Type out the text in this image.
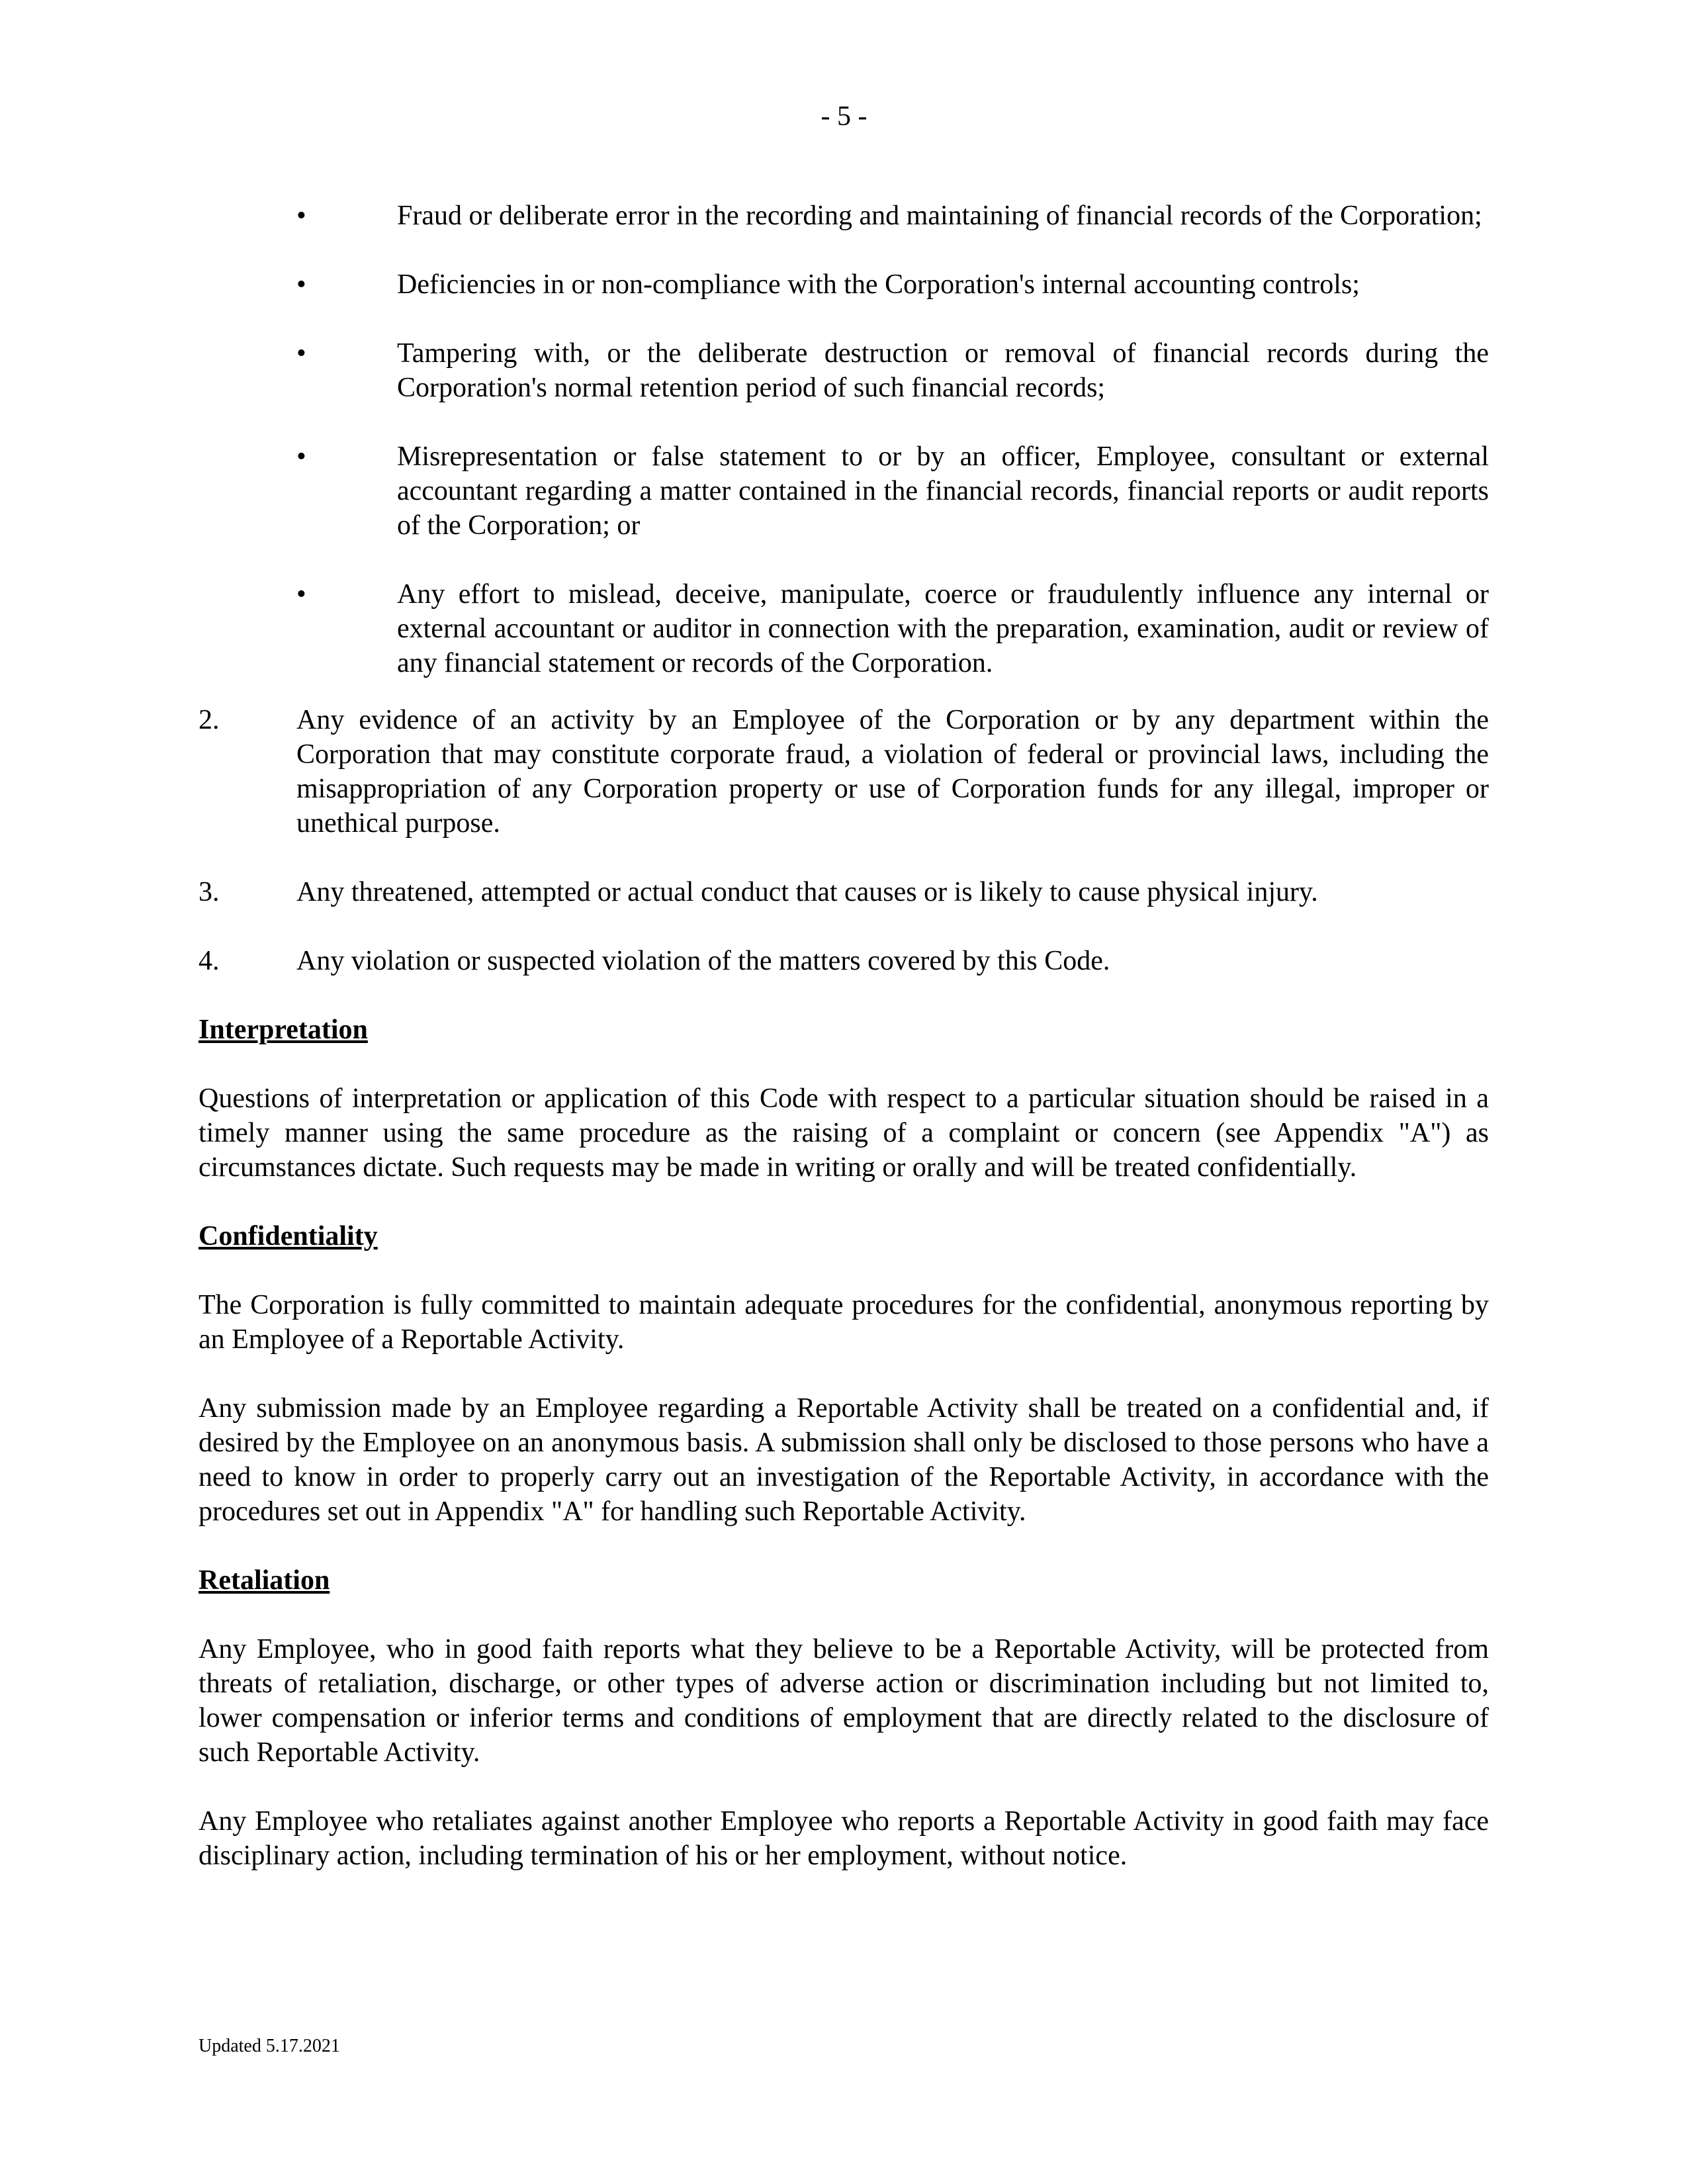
- 5 -
•	Fraud or deliberate error in the recording and maintaining of financial records of the Corporation;
•	Deficiencies in or non-compliance with the Corporation's internal accounting controls;
•	Tampering with, or the deliberate destruction or removal of financial records during the Corporation's normal retention period of such financial records;
•	Misrepresentation or false statement to or by an officer, Employee, consultant or external accountant regarding a matter contained in the financial records, financial reports or audit reports of the Corporation; or
•	Any effort to mislead, deceive, manipulate, coerce or fraudulently influence any internal or external accountant or auditor in connection with the preparation, examination, audit or review of any financial statement or records of the Corporation.
2.	Any evidence of an activity by an Employee of the Corporation or by any department within the Corporation that may constitute corporate fraud, a violation of federal or provincial laws, including the misappropriation of any Corporation property or use of Corporation funds for any illegal, improper or unethical purpose.
3.	Any threatened, attempted or actual conduct that causes or is likely to cause physical injury.
4.	Any violation or suspected violation of the matters covered by this Code.
Interpretation

Questions of interpretation or application of this Code with respect to a particular situation should be raised in a timely manner using the same procedure as the raising of a complaint or concern (see Appendix "A") as circumstances dictate. Such requests may be made in writing or orally and will be treated confidentially.

Confidentiality

The Corporation is fully committed to maintain adequate procedures for the confidential, anonymous reporting by an Employee of a Reportable Activity.

Any submission made by an Employee regarding a Reportable Activity shall be treated on a confidential and, if desired by the Employee on an anonymous basis. A submission shall only be disclosed to those persons who have a need to know in order to properly carry out an investigation of the Reportable Activity, in accordance with the procedures set out in Appendix "A" for handling such Reportable Activity.

Retaliation

Any Employee, who in good faith reports what they believe to be a Reportable Activity, will be protected from threats of retaliation, discharge, or other types of adverse action or discrimination including but not limited to, lower compensation or inferior terms and conditions of employment that are directly related to the disclosure of such Reportable Activity.

Any Employee who retaliates against another Employee who reports a Reportable Activity in good faith may face disciplinary action, including termination of his or her employment, without notice.

Updated 5.17.2021
